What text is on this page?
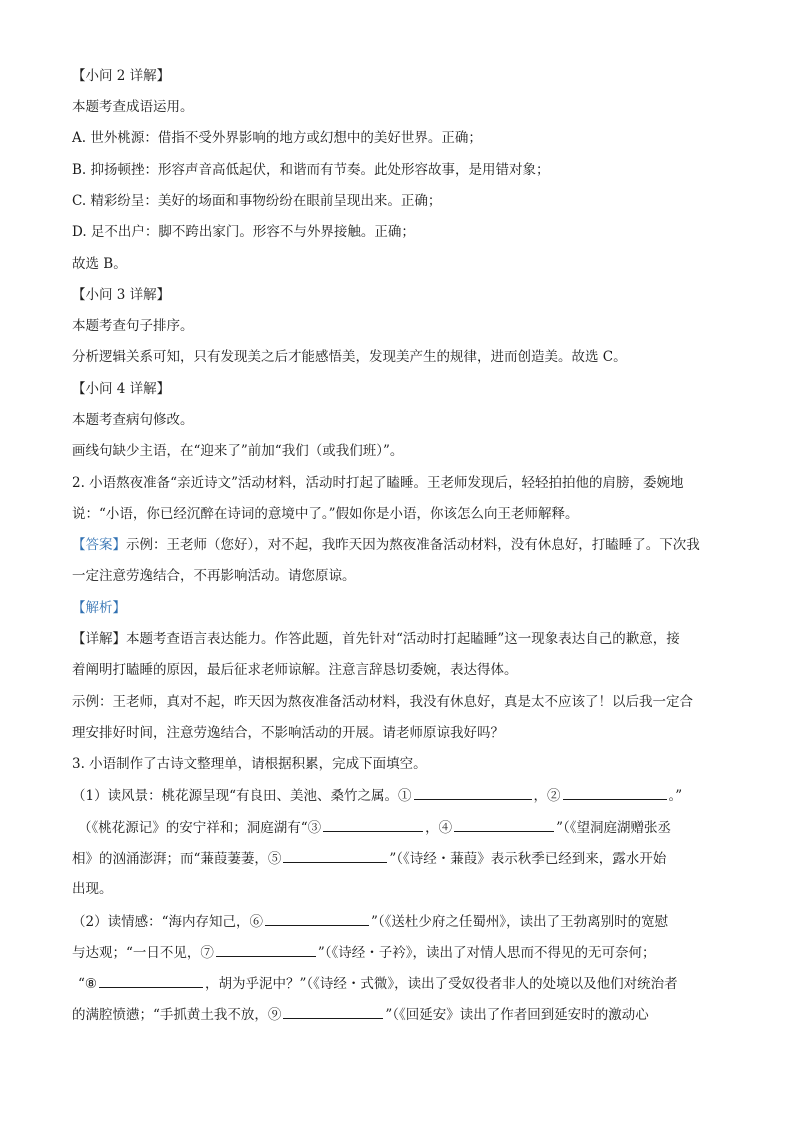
【小问 2 详解】
本题考查成语运用。
A. 世外桃源：借指不受外界影响的地方或幻想中的美好世界。正确；
B. 抑扬顿挫：形容声音高低起伏，和谐而有节奏。此处形容故事，是用错对象；
C. 精彩纷呈：美好的场面和事物纷纷在眼前呈现出来。正确；
D. 足不出户：脚不跨出家门。形容不与外界接触。正确；
故选 B。
【小问 3 详解】
本题考查句子排序。
分析逻辑关系可知，只有发现美之后才能感悟美，发现美产生的规律，进而创造美。故选 C。
【小问 4 详解】
本题考查病句修改。
画线句缺少主语，在“迎来了”前加“我们（或我们班）”。
2. 小语熬夜准备“亲近诗文”活动材料，活动时打起了瞌睡。王老师发现后，轻轻拍拍他的肩膀，委婉地
说：“小语，你已经沉醉在诗词的意境中了。”假如你是小语，你该怎么向王老师解释。
【答案】示例：王老师（您好），对不起，我昨天因为熬夜准备活动材料，没有休息好，打瞌睡了。下次我
一定注意劳逸结合，不再影响活动。请您原谅。
【解析】
【详解】本题考查语言表达能力。作答此题，首先针对“活动时打起瞌睡”这一现象表达自己的歉意，接
着阐明打瞌睡的原因，最后征求老师谅解。注意言辞恳切委婉，表达得体。
示例：王老师，真对不起，昨天因为熬夜准备活动材料，我没有休息好，真是太不应该了！以后我一定合
理安排好时间，注意劳逸结合，不影响活动的开展。请老师原谅我好吗？
3. 小语制作了古诗文整理单，请根据积累，完成下面填空。
（1）读风景：桃花源呈现“有良田、美池、桑竹之属。①	，②	。”
（《桃花源记》的安宁祥和；洞庭湖有“③	，④	”（《望洞庭湖赠张丞
相》的汹涌澎湃；而“蒹葭萋萋，⑤	”（《诗经・蒹葭》表示秋季已经到来，露水开始
出现。
（2）读情感：“海内存知己，⑥	”（《送杜少府之任蜀州》，读出了王勃离别时的宽慰
与达观；“一日不见，⑦	”（《诗经・子衿》，读出了对情人思而不得见的无可奈何；
“⑧	，胡为乎泥中？”（《诗经・式微》，读出了受奴役者非人的处境以及他们对统治者
的满腔愤懑；“手抓黄土我不放，⑨	”（《回延安》读出了作者回到延安时的激动心
